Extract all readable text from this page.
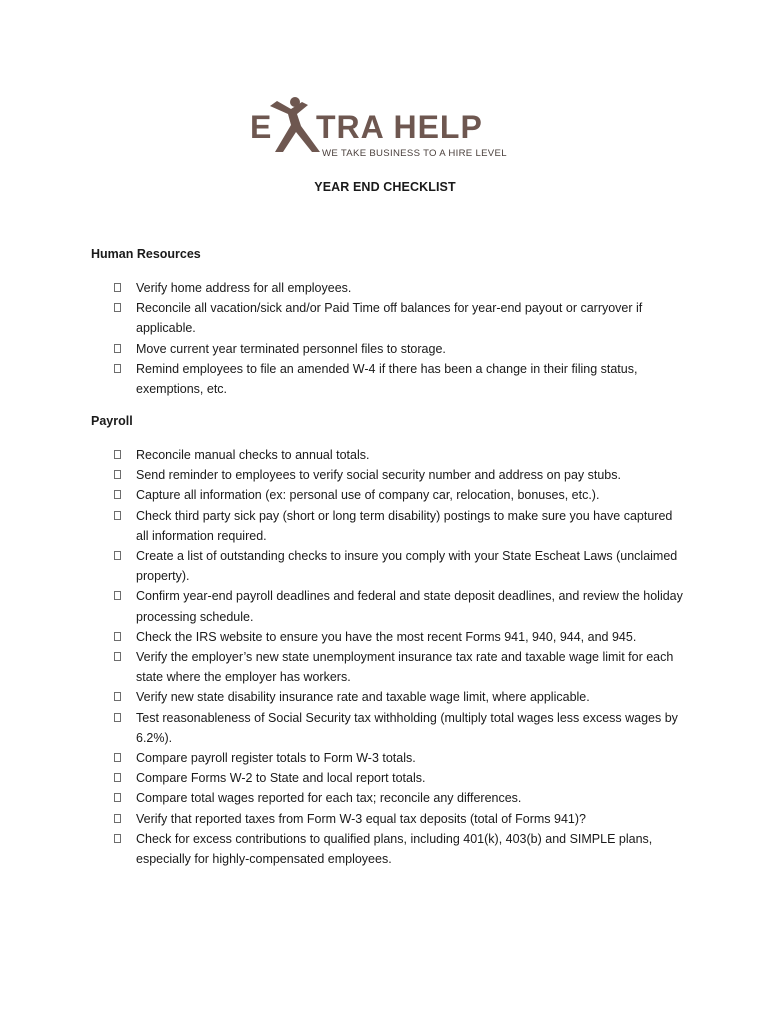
E TRA HELP
WE TAKE BUSINESS TO A HIRE LEVEL
YEAR END CHECKLIST
Human Resources
Verify home address for all employees.
Reconcile all vacation/sick and/or Paid Time off balances for year-end payout or carryover if applicable.
Move current year terminated personnel files to storage.
Remind employees to file an amended W-4 if there has been a change in their filing status, exemptions, etc.
Payroll
Reconcile manual checks to annual totals.
Send reminder to employees to verify social security number and address on pay stubs.
Capture all information (ex: personal use of company car, relocation, bonuses, etc.).
Check third party sick pay (short or long term disability) postings to make sure you have captured all information required.
Create a list of outstanding checks to insure you comply with your State Escheat Laws (unclaimed property).
Confirm year-end payroll deadlines and federal and state deposit deadlines, and review the holiday processing schedule.
Check the IRS website to ensure you have the most recent Forms 941, 940, 944, and 945.
Verify the employer’s new state unemployment insurance tax rate and taxable wage limit for each state where the employer has workers.
Verify new state disability insurance rate and taxable wage limit, where applicable.
Test reasonableness of Social Security tax withholding (multiply total wages less excess wages by 6.2%).
Compare payroll register totals to Form W-3 totals.
Compare Forms W-2 to State and local report totals.
Compare total wages reported for each tax; reconcile any differences.
Verify that reported taxes from Form W-3 equal tax deposits (total of Forms 941)?
Check for excess contributions to qualified plans, including 401(k), 403(b) and SIMPLE plans, especially for highly-compensated employees.
